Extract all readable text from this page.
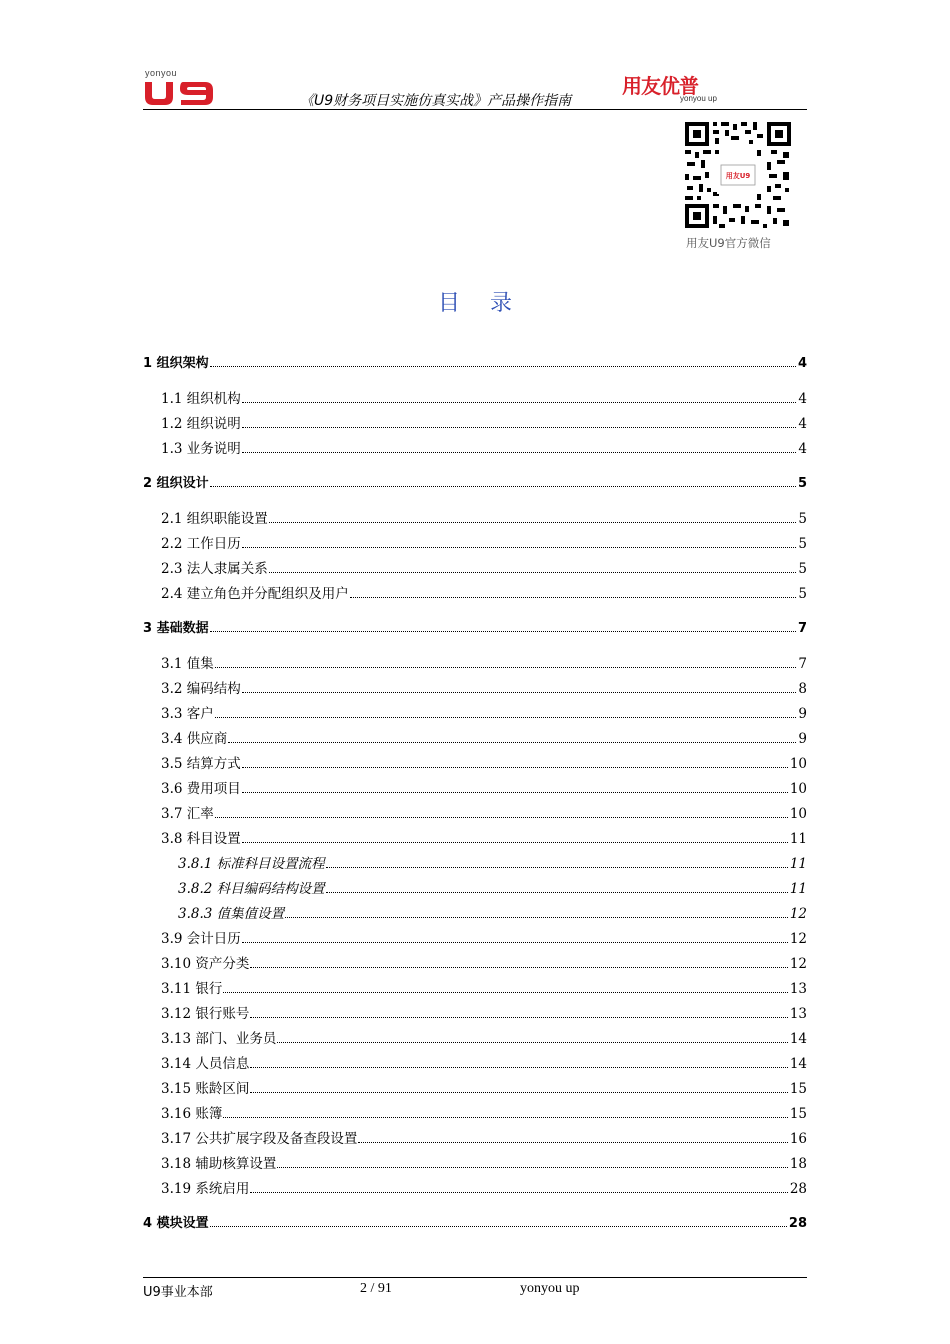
yonyou
《U9财务项目实施仿真实战》产品操作指南
用友优普
yonyou up
用友U9
用友U9官方微信
目录
1 组织架构	4
1.1 组织机构	4
1.2 组织说明	4
1.3 业务说明	4
2 组织设计	5
2.1 组织职能设置	5
2.2 工作日历	5
2.3 法人隶属关系	5
2.4 建立角色并分配组织及用户	5
3 基础数据	7
3.1 值集	7
3.2 编码结构	8
3.3 客户	9
3.4 供应商	9
3.5 结算方式	10
3.6 费用项目	10
3.7 汇率	10
3.8 科目设置	11
3.8.1 标准科目设置流程	11
3.8.2 科目编码结构设置	11
3.8.3 值集值设置	12
3.9 会计日历	12
3.10 资产分类	12
3.11 银行	13
3.12 银行账号	13
3.13 部门、业务员	14
3.14 人员信息	14
3.15 账龄区间	15
3.16 账簿	15
3.17 公共扩展字段及备查段设置	16
3.18 辅助核算设置	18
3.19 系统启用	28
4 模块设置	28
U9事业本部	2 / 91	yonyou up
